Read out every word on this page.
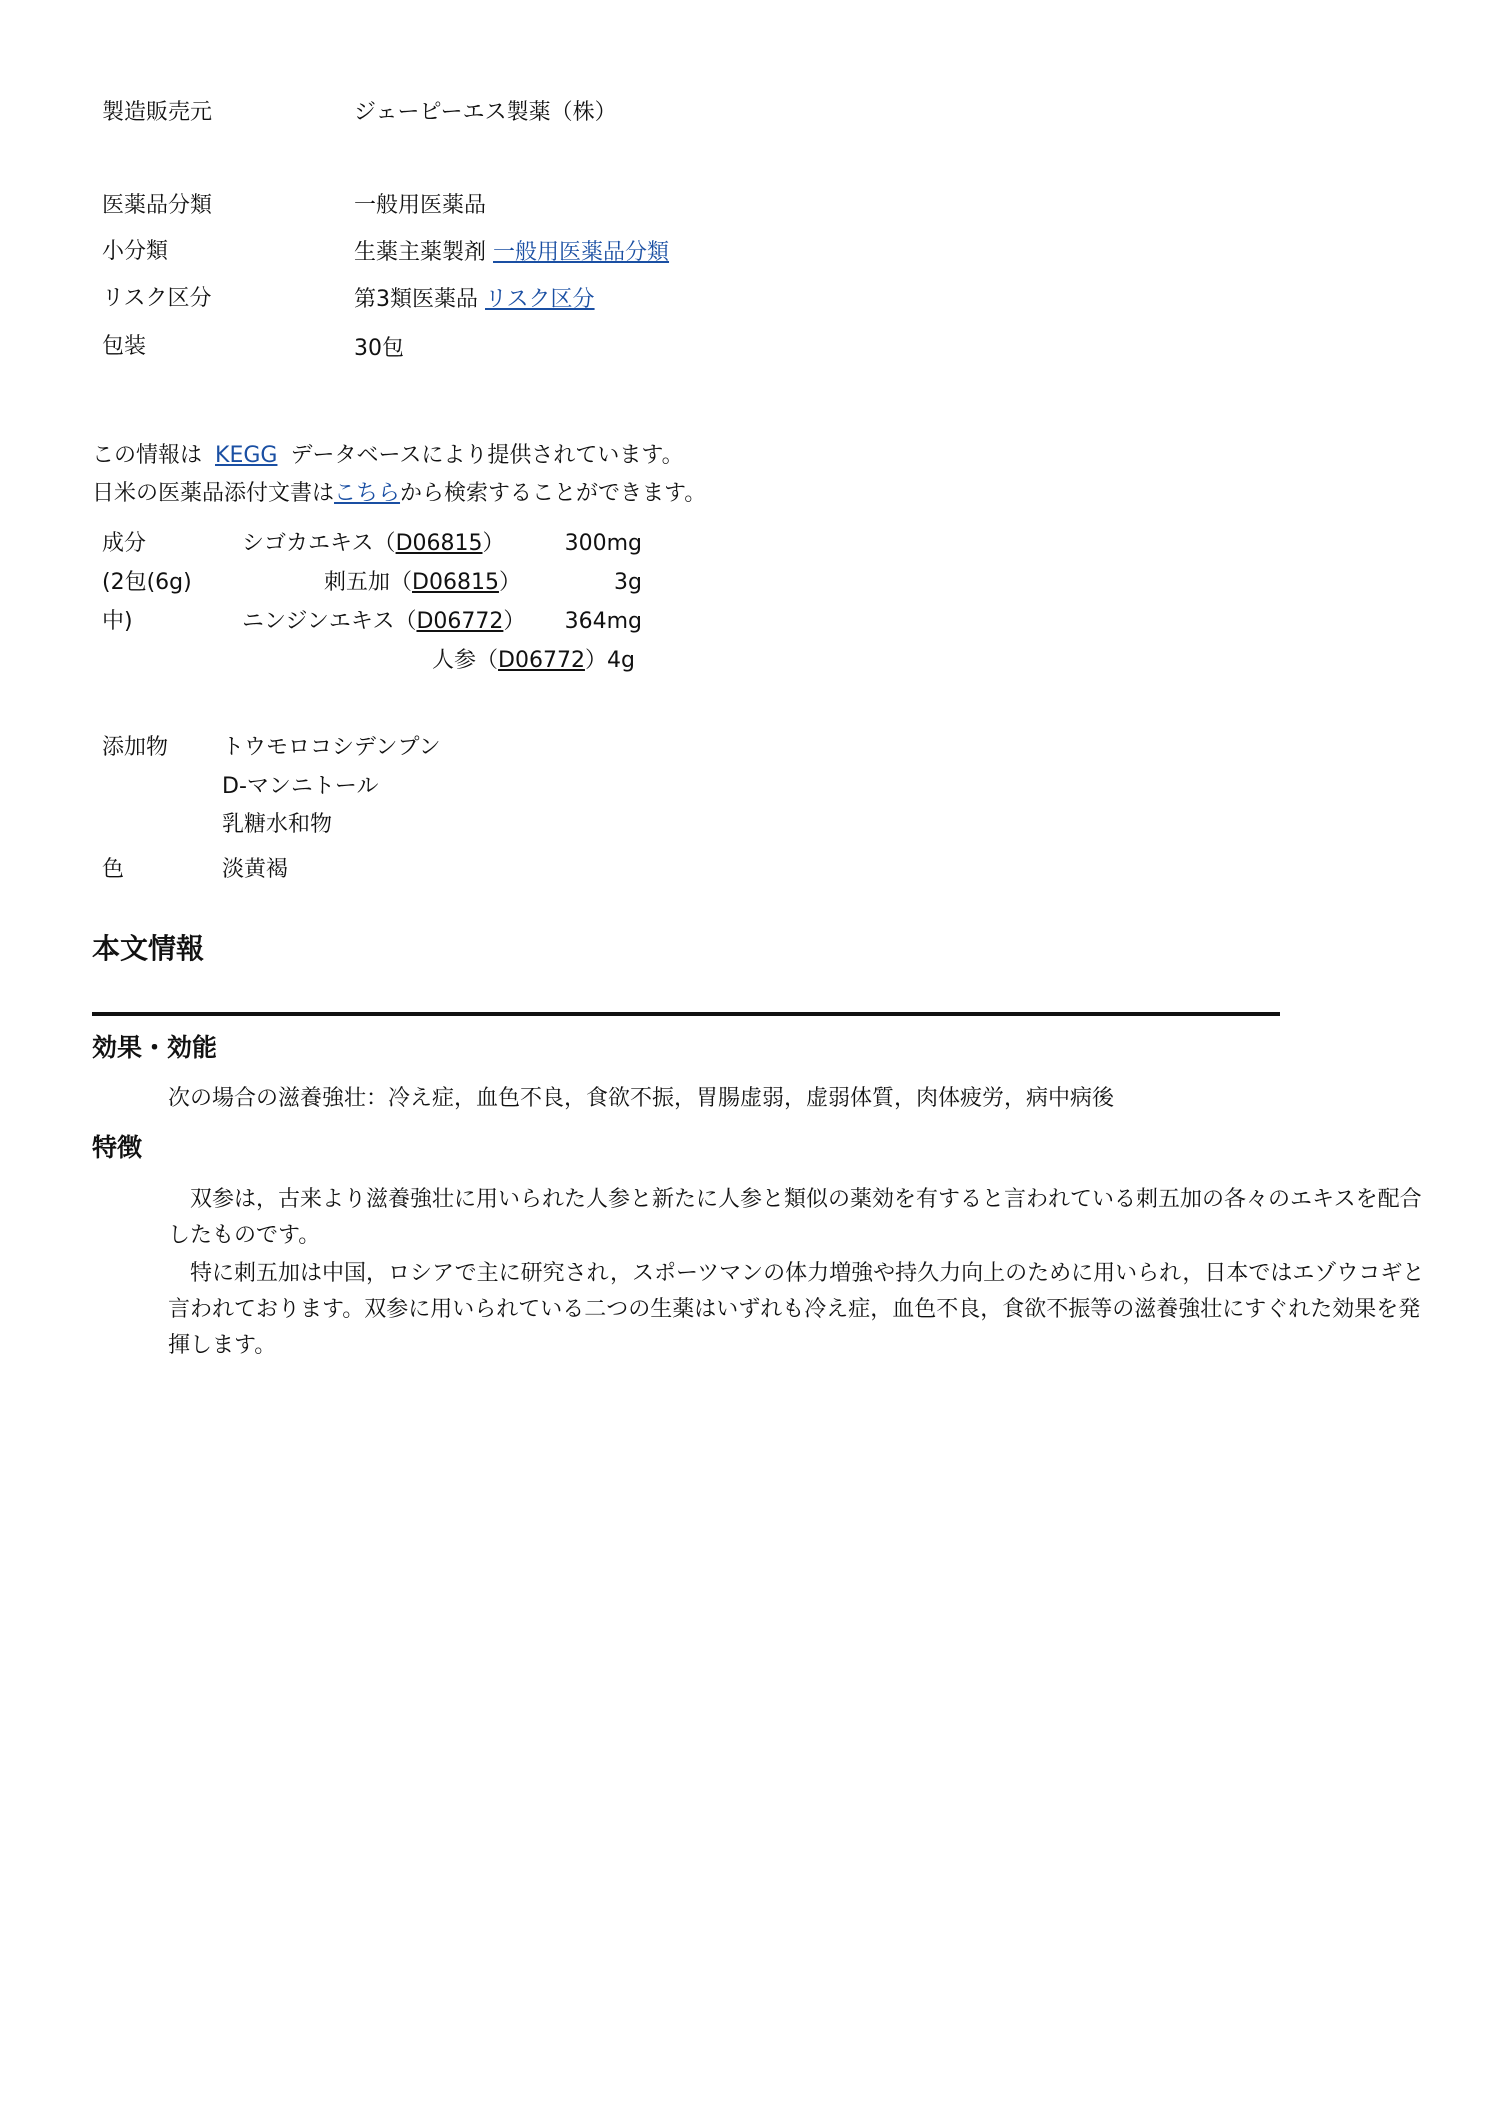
製造販売元	ジェーピーエス製薬（株）
医薬品分類	一般用医薬品
小分類	生薬主薬製剤 一般用医薬品分類
リスク区分	第3類医薬品 リスク区分
包装	30包
この情報は KEGG データベースにより提供されています。
日米の医薬品添付文書はこちらから検索することができます。
成分
(2包(6g)
中)
シゴカエキス（D06815）	300mg
刺五加（D06815）	3g
ニンジンエキス（D06772）	364mg
人参（D06772）4g
添加物 トウモロコシデンプン
D-マンニトール
乳糖水和物
色	淡黄褐
本文情報
効果・効能
次の場合の滋養強壮：冷え症，血色不良，食欲不振，胃腸虚弱，虚弱体質，肉体疲労，病中病後
特徴
双参は，古来より滋養強壮に用いられた人参と新たに人参と類似の薬効を有すると言われている刺五加の各々のエキスを配合したものです。
特に刺五加は中国，ロシアで主に研究され，スポーツマンの体力増強や持久力向上のために用いられ，日本ではエゾウコギと言われております。双参に用いられている二つの生薬はいずれも冷え症，血色不良，食欲不振等の滋養強壮にすぐれた効果を発揮します。
